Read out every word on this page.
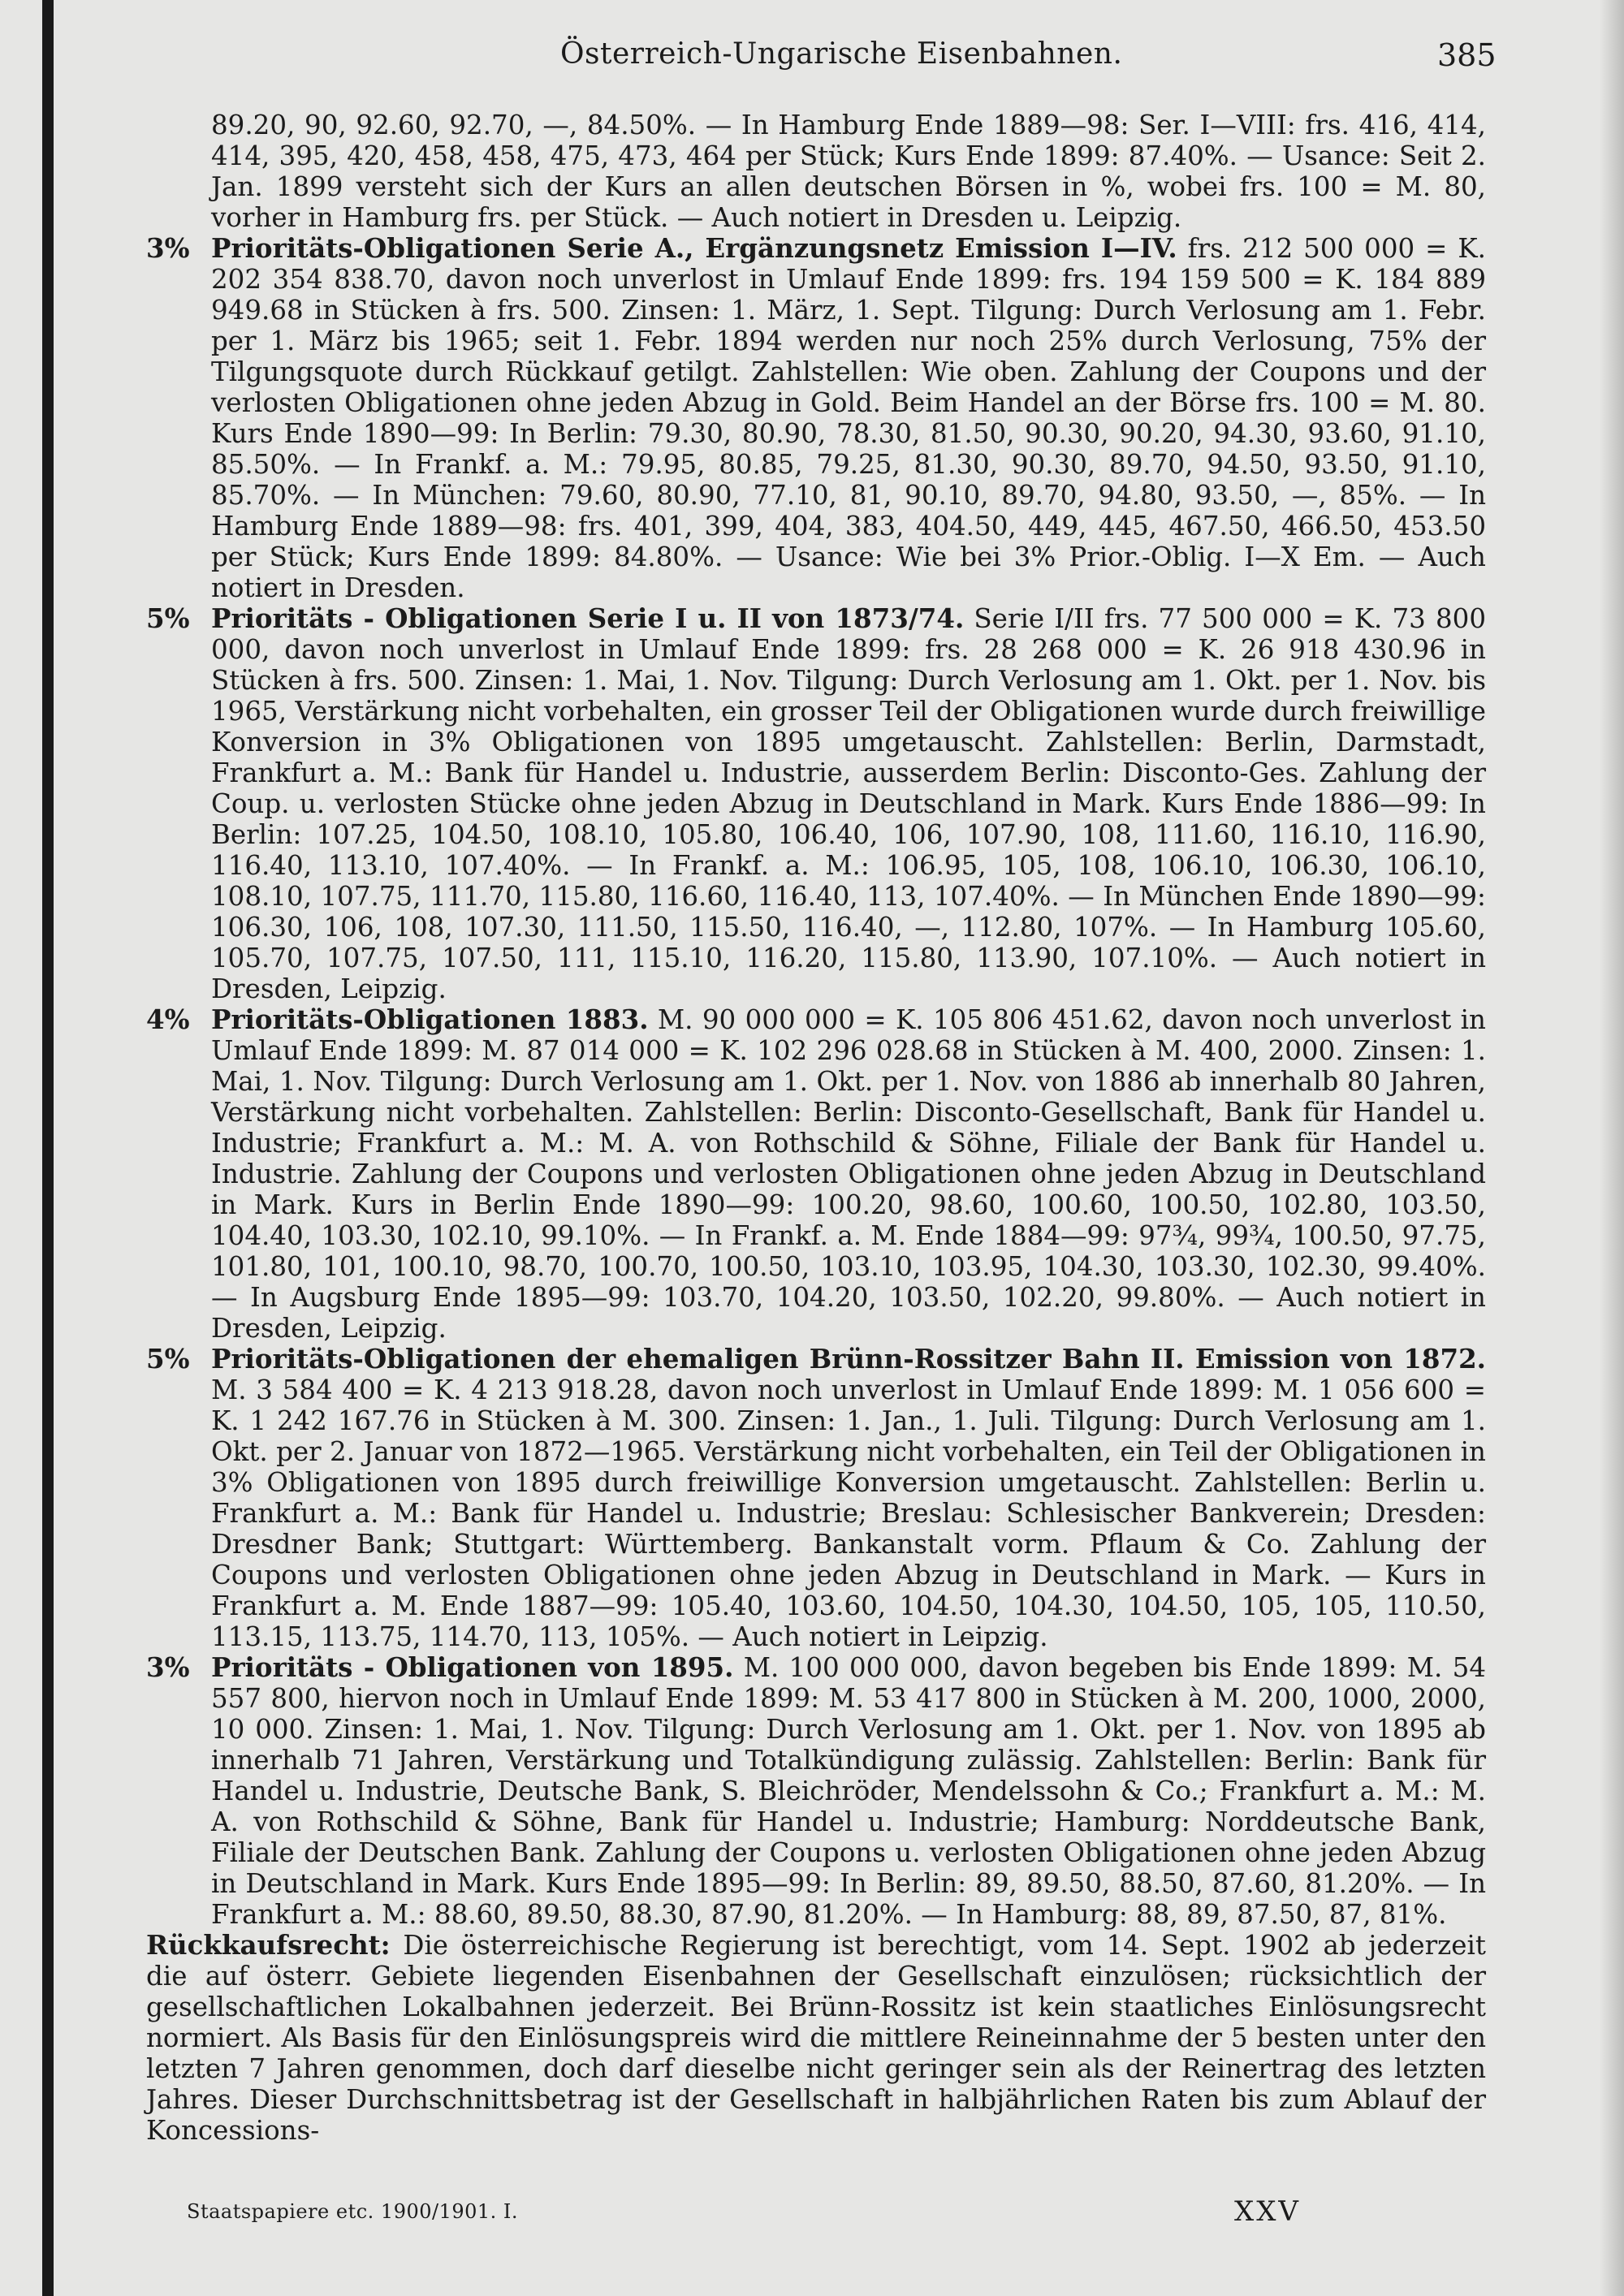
Österreich-Ungarische Eisenbahnen.	385

89.20, 90, 92.60, 92.70, —, 84.50%. — In Hamburg Ende 1889—98: Ser. I—VIII: frs. 416, 414, 414, 395, 420, 458, 458, 475, 473, 464 per Stück; Kurs Ende 1899: 87.40%. — Usance: Seit 2. Jan. 1899 versteht sich der Kurs an allen deutschen Börsen in %, wobei frs. 100 = M. 80, vorher in Hamburg frs. per Stück. — Auch notiert in Dresden u. Leipzig.

3% Prioritäts-Obligationen Serie A., Ergänzungsnetz Emission I—IV. frs. 212 500 000 = K. 202 354 838.70, davon noch unverlost in Umlauf Ende 1899: frs. 194 159 500 = K. 184 889 949.68 in Stücken à frs. 500. Zinsen: 1. März, 1. Sept. Tilgung: Durch Verlosung am 1. Febr. per 1. März bis 1965; seit 1. Febr. 1894 werden nur noch 25% durch Verlosung, 75% der Tilgungsquote durch Rückkauf getilgt. Zahlstellen: Wie oben. Zahlung der Coupons und der verlosten Obligationen ohne jeden Abzug in Gold. Beim Handel an der Börse frs. 100 = M. 80. Kurs Ende 1890—99: In Berlin: 79.30, 80.90, 78.30, 81.50, 90.30, 90.20, 94.30, 93.60, 91.10, 85.50%. — In Frankf. a. M.: 79.95, 80.85, 79.25, 81.30, 90.30, 89.70, 94.50, 93.50, 91.10, 85.70%. — In München: 79.60, 80.90, 77.10, 81, 90.10, 89.70, 94.80, 93.50, —, 85%. — In Hamburg Ende 1889—98: frs. 401, 399, 404, 383, 404.50, 449, 445, 467.50, 466.50, 453.50 per Stück; Kurs Ende 1899: 84.80%. — Usance: Wie bei 3% Prior.-Oblig. I—X Em. — Auch notiert in Dresden.

5% Prioritäts - Obligationen Serie I u. II von 1873/74. Serie I/II frs. 77 500 000 = K. 73 800 000, davon noch unverlost in Umlauf Ende 1899: frs. 28 268 000 = K. 26 918 430.96 in Stücken à frs. 500. Zinsen: 1. Mai, 1. Nov. Tilgung: Durch Verlosung am 1. Okt. per 1. Nov. bis 1965, Verstärkung nicht vorbehalten, ein grosser Teil der Obligationen wurde durch freiwillige Konversion in 3% Obligationen von 1895 umgetauscht. Zahlstellen: Berlin, Darmstadt, Frankfurt a. M.: Bank für Handel u. Industrie, ausserdem Berlin: Disconto-Ges. Zahlung der Coup. u. verlosten Stücke ohne jeden Abzug in Deutschland in Mark. Kurs Ende 1886—99: In Berlin: 107.25, 104.50, 108.10, 105.80, 106.40, 106, 107.90, 108, 111.60, 116.10, 116.90, 116.40, 113.10, 107.40%. — In Frankf. a. M.: 106.95, 105, 108, 106.10, 106.30, 106.10, 108.10, 107.75, 111.70, 115.80, 116.60, 116.40, 113, 107.40%. — In München Ende 1890—99: 106.30, 106, 108, 107.30, 111.50, 115.50, 116.40, —, 112.80, 107%. — In Hamburg 105.60, 105.70, 107.75, 107.50, 111, 115.10, 116.20, 115.80, 113.90, 107.10%. — Auch notiert in Dresden, Leipzig.

4% Prioritäts-Obligationen 1883. M. 90 000 000 = K. 105 806 451.62, davon noch unverlost in Umlauf Ende 1899: M. 87 014 000 = K. 102 296 028.68 in Stücken à M. 400, 2000. Zinsen: 1. Mai, 1. Nov. Tilgung: Durch Verlosung am 1. Okt. per 1. Nov. von 1886 ab innerhalb 80 Jahren, Verstärkung nicht vorbehalten. Zahlstellen: Berlin: Disconto-Gesellschaft, Bank für Handel u. Industrie; Frankfurt a. M.: M. A. von Rothschild & Söhne, Filiale der Bank für Handel u. Industrie. Zahlung der Coupons und verlosten Obligationen ohne jeden Abzug in Deutschland in Mark. Kurs in Berlin Ende 1890—99: 100.20, 98.60, 100.60, 100.50, 102.80, 103.50, 104.40, 103.30, 102.10, 99.10%. — In Frankf. a. M. Ende 1884—99: 97¾, 99¾, 100.50, 97.75, 101.80, 101, 100.10, 98.70, 100.70, 100.50, 103.10, 103.95, 104.30, 103.30, 102.30, 99.40%. — In Augsburg Ende 1895—99: 103.70, 104.20, 103.50, 102.20, 99.80%. — Auch notiert in Dresden, Leipzig.

5% Prioritäts-Obligationen der ehemaligen Brünn-Rossitzer Bahn II. Emission von 1872. M. 3 584 400 = K. 4 213 918.28, davon noch unverlost in Umlauf Ende 1899: M. 1 056 600 = K. 1 242 167.76 in Stücken à M. 300. Zinsen: 1. Jan., 1. Juli. Tilgung: Durch Verlosung am 1. Okt. per 2. Januar von 1872—1965. Verstärkung nicht vorbehalten, ein Teil der Obligationen in 3% Obligationen von 1895 durch freiwillige Konversion umgetauscht. Zahlstellen: Berlin u. Frankfurt a. M.: Bank für Handel u. Industrie; Breslau: Schlesischer Bankverein; Dresden: Dresdner Bank; Stuttgart: Württemberg. Bankanstalt vorm. Pflaum & Co. Zahlung der Coupons und verlosten Obligationen ohne jeden Abzug in Deutschland in Mark. — Kurs in Frankfurt a. M. Ende 1887—99: 105.40, 103.60, 104.50, 104.30, 104.50, 105, 105, 110.50, 113.15, 113.75, 114.70, 113, 105%. — Auch notiert in Leipzig.

3% Prioritäts - Obligationen von 1895. M. 100 000 000, davon begeben bis Ende 1899: M. 54 557 800, hiervon noch in Umlauf Ende 1899: M. 53 417 800 in Stücken à M. 200, 1000, 2000, 10 000. Zinsen: 1. Mai, 1. Nov. Tilgung: Durch Verlosung am 1. Okt. per 1. Nov. von 1895 ab innerhalb 71 Jahren, Verstärkung und Totalkündigung zulässig. Zahlstellen: Berlin: Bank für Handel u. Industrie, Deutsche Bank, S. Bleichröder, Mendelssohn & Co.; Frankfurt a. M.: M. A. von Rothschild & Söhne, Bank für Handel u. Industrie; Hamburg: Norddeutsche Bank, Filiale der Deutschen Bank. Zahlung der Coupons u. verlosten Obligationen ohne jeden Abzug in Deutschland in Mark. Kurs Ende 1895—99: In Berlin: 89, 89.50, 88.50, 87.60, 81.20%. — In Frankfurt a. M.: 88.60, 89.50, 88.30, 87.90, 81.20%. — In Hamburg: 88, 89, 87.50, 87, 81%.

Rückkaufsrecht: Die österreichische Regierung ist berechtigt, vom 14. Sept. 1902 ab jederzeit die auf österr. Gebiete liegenden Eisenbahnen der Gesellschaft einzulösen; rücksichtlich der gesellschaftlichen Lokalbahnen jederzeit. Bei Brünn-Rossitz ist kein staatliches Einlösungsrecht normiert. Als Basis für den Einlösungspreis wird die mittlere Reineinnahme der 5 besten unter den letzten 7 Jahren genommen, doch darf dieselbe nicht geringer sein als der Reinertrag des letzten Jahres. Dieser Durchschnittsbetrag ist der Gesellschaft in halbjährlichen Raten bis zum Ablauf der Koncessions-

Staatspapiere etc. 1900/1901. I.	XXV
